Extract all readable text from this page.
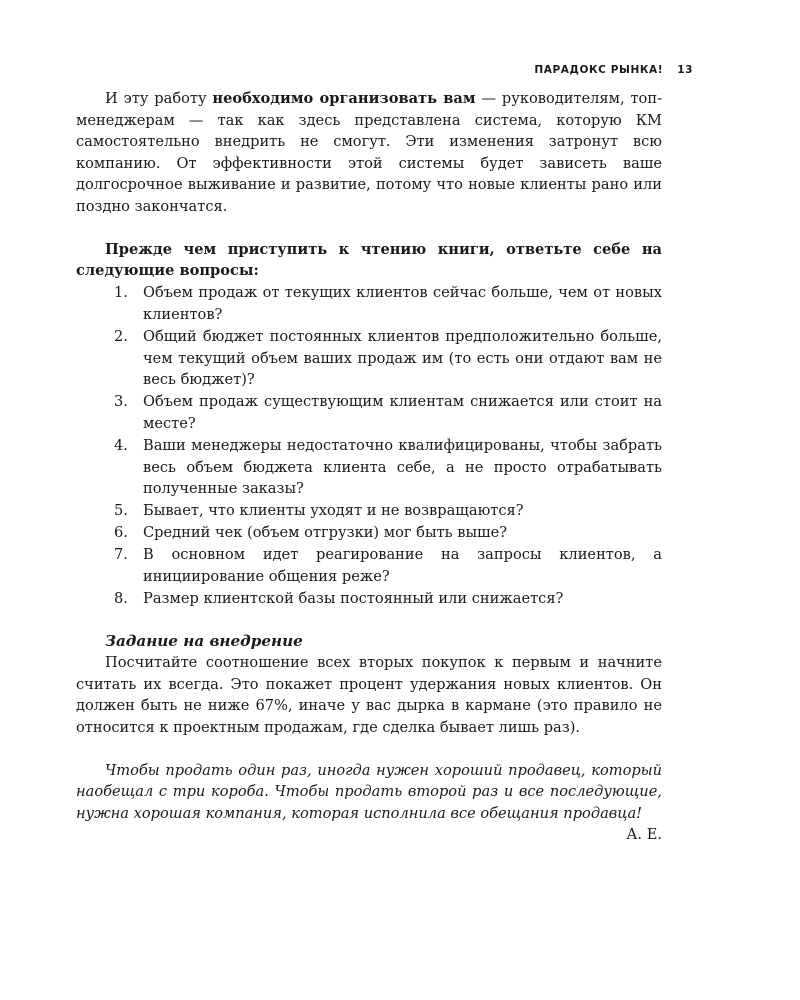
ПАРАДОКС РЫНКА! 13

И эту работу необходимо организовать вам — руководителям, топ-менеджерам — так как здесь представлена система, которую КМ самостоятельно внедрить не смогут. Эти изменения затронут всю компанию. От эффективности этой системы будет зависеть ваше долгосрочное выживание и развитие, потому что новые клиенты рано или поздно закончатся.

Прежде чем приступить к чтению книги, ответьте себе на следующие вопросы:

1. Объем продаж от текущих клиентов сейчас больше, чем от новых клиентов?
2. Общий бюджет постоянных клиентов предположительно больше, чем текущий объем ваших продаж им (то есть они отдают вам не весь бюджет)?
3. Объем продаж существующим клиентам снижается или стоит на месте?
4. Ваши менеджеры недостаточно квалифицированы, чтобы забрать весь объем бюджета клиента себе, а не просто отрабатывать полученные заказы?
5. Бывает, что клиенты уходят и не возвращаются?
6. Средний чек (объем отгрузки) мог быть выше?
7. В основном идет реагирование на запросы клиентов, а инициирование общения реже?
8. Размер клиентской базы постоянный или снижается?

Задание на внедрение

Посчитайте соотношение всех вторых покупок к первым и начните считать их всегда. Это покажет процент удержания новых клиентов. Он должен быть не ниже 67%, иначе у вас дырка в кармане (это правило не относится к проектным продажам, где сделка бывает лишь раз).

Чтобы продать один раз, иногда нужен хороший продавец, который наобещал с три короба. Чтобы продать второй раз и все последующие, нужна хорошая компания, которая исполнила все обещания продавца!

А. Е.
